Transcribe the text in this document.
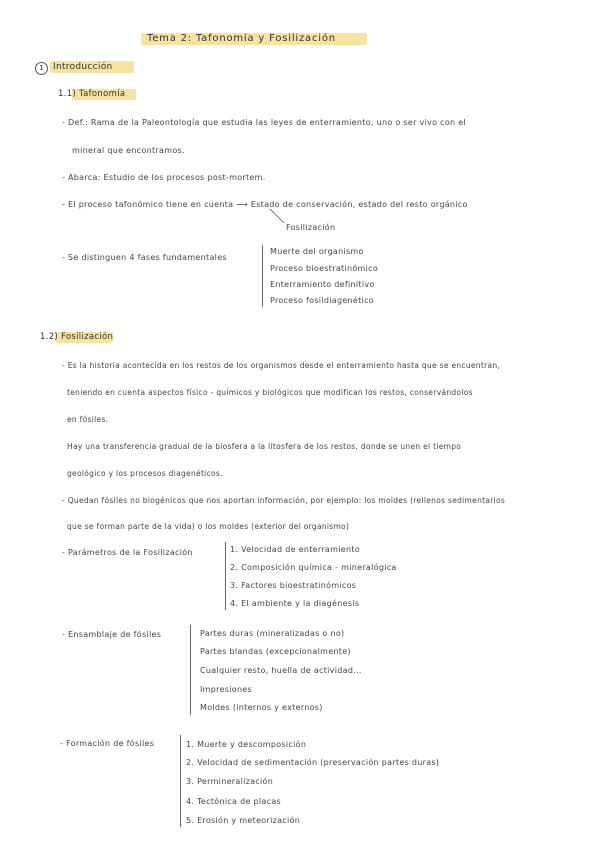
Tema 2: Tafonomía y Fosilización
1	Introducción
1.1) Tafonomía
- Def.: Rama de la Paleontología que estudia las leyes de enterramiento, uno o ser vivo con el
mineral que encontramos.
- Abarca: Estudio de los procesos post-mortem.
- El proceso tafonómico tiene en cuenta ⟶ Estado de conservación, estado del resto orgánico
Fosilización
- Se distinguen 4 fases fundamentales
Muerte del organismo
Proceso bioestratinómico
Enterramiento definitivo
Proceso fosildiagenético
1.2) Fosilización
- Es la historia acontecida en los restos de los organismos desde el enterramiento hasta que se encuentran,
teniendo en cuenta aspectos físico - químicos y biológicos que modifican los restos, conservándolos
en fósiles.
Hay una transferencia gradual de la biosfera a la litosfera de los restos, donde se unen el tiempo
geológico y los procesos diagenéticos.
- Quedan fósiles no biogénicos que nos aportan información, por ejemplo: los moldes (rellenos sedimentarios
que se forman parte de la vida) o los moldes (exterior del organismo)
- Parámetros de la Fosilización	1. Velocidad de enterramiento
2. Composición química - mineralógica
3. Factores bioestratinómicos
4. El ambiente y la diagénesis
- Ensamblaje de fósiles	Partes duras (mineralizadas o no)
Partes blandas (excepcionalmente)
Cualquier resto, huella de actividad...
Impresiones
Moldes (internos y externos)
- Formación de fósiles	1. Muerte y descomposición
2. Velocidad de sedimentación (preservación partes duras)
3. Permineralización
4. Tectónica de placas
5. Erosión y meteorización
